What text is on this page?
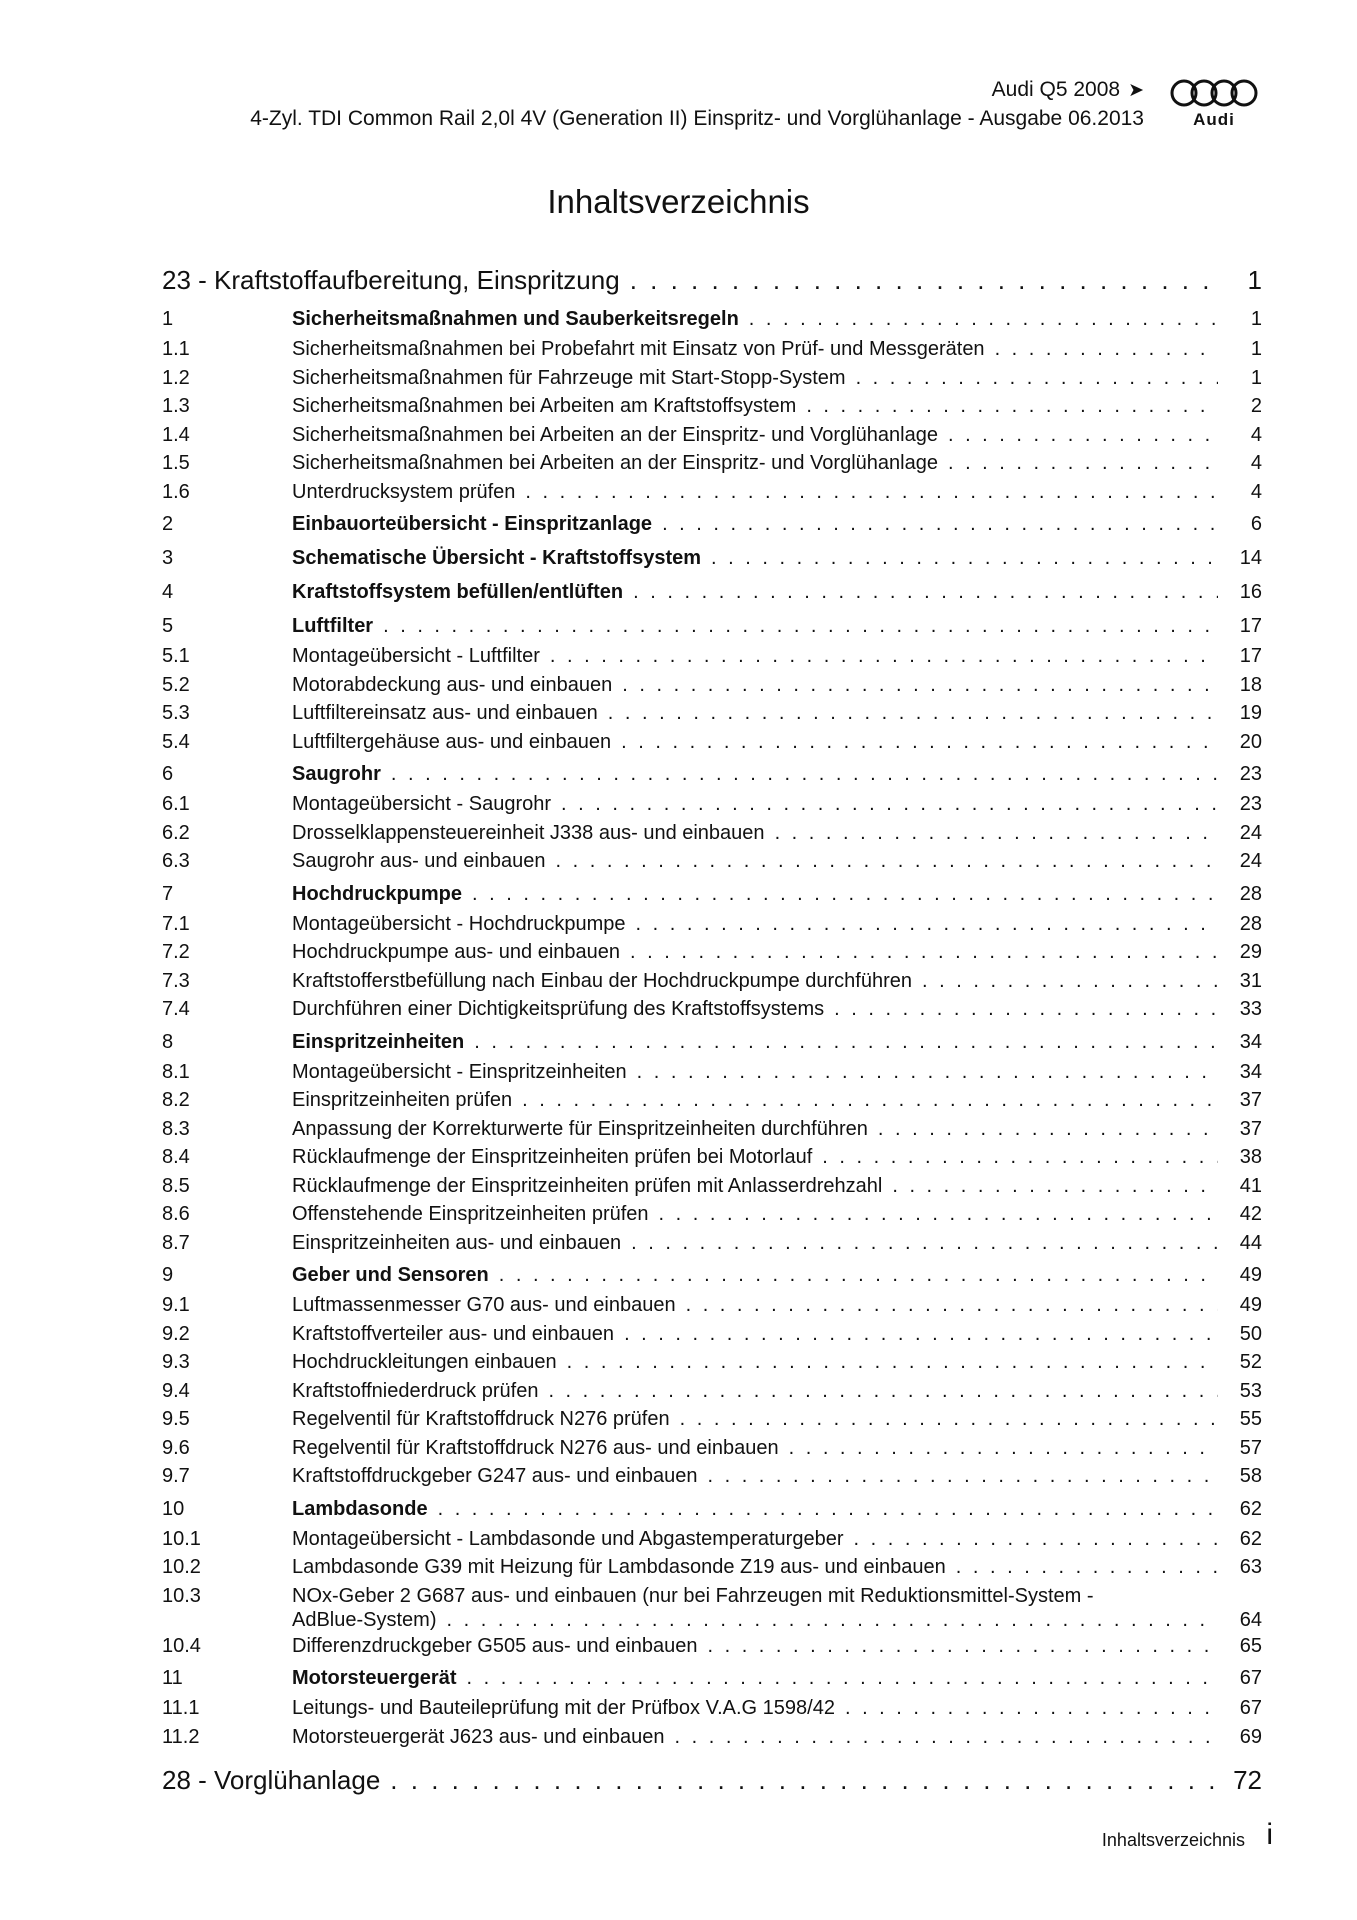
Audi Q5 2008 ➤
4-Zyl. TDI Common Rail 2,0l 4V (Generation II) Einspritz- und Vorglühanlage - Ausgabe 06.2013	Audi
Inhaltsverzeichnis
23 - Kraftstoffaufbereitung, Einspritzung . . .	1
1	Sicherheitsmaßnahmen und Sauberkeitsregeln . . .	1
1.1	Sicherheitsmaßnahmen bei Probefahrt mit Einsatz von Prüf- und Messgeräten . . .	1
1.2	Sicherheitsmaßnahmen für Fahrzeuge mit Start-Stopp-System . . .	1
1.3	Sicherheitsmaßnahmen bei Arbeiten am Kraftstoffsystem . . .	2
1.4	Sicherheitsmaßnahmen bei Arbeiten an der Einspritz- und Vorglühanlage . . .	4
1.5	Sicherheitsmaßnahmen bei Arbeiten an der Einspritz- und Vorglühanlage . . .	4
1.6	Unterdrucksystem prüfen . . .	4
2	Einbauorteübersicht - Einspritzanlage . . .	6
3	Schematische Übersicht - Kraftstoffsystem . . .	14
4	Kraftstoffsystem befüllen/entlüften . . .	16
5	Luftfilter . . .	17
5.1	Montageübersicht - Luftfilter . . .	17
5.2	Motorabdeckung aus- und einbauen . . .	18
5.3	Luftfiltereinsatz aus- und einbauen . . .	19
5.4	Luftfiltergehäuse aus- und einbauen . . .	20
6	Saugrohr . . .	23
6.1	Montageübersicht - Saugrohr . . .	23
6.2	Drosselklappensteuereinheit J338 aus- und einbauen . . .	24
6.3	Saugrohr aus- und einbauen . . .	24
7	Hochdruckpumpe . . .	28
7.1	Montageübersicht - Hochdruckpumpe . . .	28
7.2	Hochdruckpumpe aus- und einbauen . . .	29
7.3	Kraftstofferstbefüllung nach Einbau der Hochdruckpumpe durchführen . . .	31
7.4	Durchführen einer Dichtigkeitsprüfung des Kraftstoffsystems . . .	33
8	Einspritzeinheiten . . .	34
8.1	Montageübersicht - Einspritzeinheiten . . .	34
8.2	Einspritzeinheiten prüfen . . .	37
8.3	Anpassung der Korrekturwerte für Einspritzeinheiten durchführen . . .	37
8.4	Rücklaufmenge der Einspritzeinheiten prüfen bei Motorlauf . . .	38
8.5	Rücklaufmenge der Einspritzeinheiten prüfen mit Anlasserdrehzahl . . .	41
8.6	Offenstehende Einspritzeinheiten prüfen . . .	42
8.7	Einspritzeinheiten aus- und einbauen . . .	44
9	Geber und Sensoren . . .	49
9.1	Luftmassenmesser G70 aus- und einbauen . . .	49
9.2	Kraftstoffverteiler aus- und einbauen . . .	50
9.3	Hochdruckleitungen einbauen . . .	52
9.4	Kraftstoffniederdruck prüfen . . .	53
9.5	Regelventil für Kraftstoffdruck N276 prüfen . . .	55
9.6	Regelventil für Kraftstoffdruck N276 aus- und einbauen . . .	57
9.7	Kraftstoffdruckgeber G247 aus- und einbauen . . .	58
10	Lambdasonde . . .	62
10.1	Montageübersicht - Lambdasonde und Abgastemperaturgeber . . .	62
10.2	Lambdasonde G39 mit Heizung für Lambdasonde Z19 aus- und einbauen . . .	63
10.3	NOx-Geber 2 G687 aus- und einbauen (nur bei Fahrzeugen mit Reduktionsmittel-System -
AdBlue-System) . . .	64
10.4	Differenzdruckgeber G505 aus- und einbauen . . .	65
11	Motorsteuergerät . . .	67
11.1	Leitungs- und Bauteileprüfung mit der Prüfbox V.A.G 1598/42 . . .	67
11.2	Motorsteuergerät J623 aus- und einbauen . . .	69
28 - Vorglühanlage . . .	72
Inhaltsverzeichnis i
